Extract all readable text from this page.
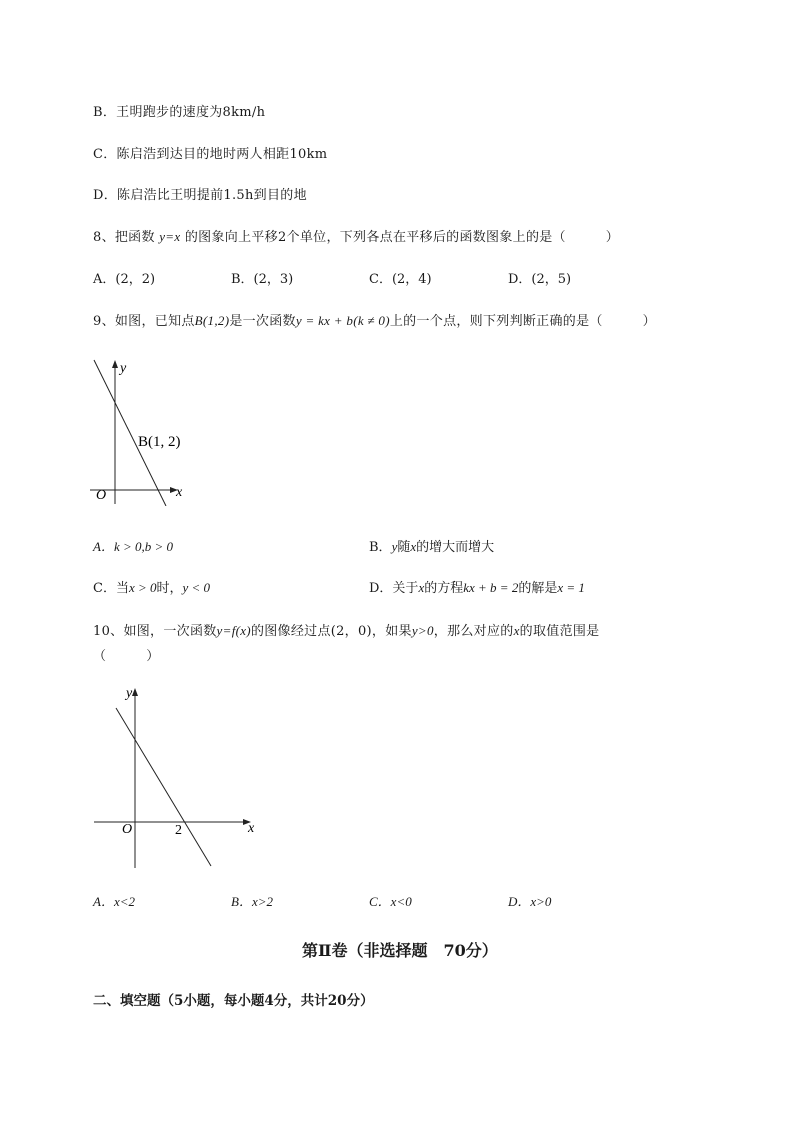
B．王明跑步的速度为8km/h
C．陈启浩到达目的地时两人相距10km
D．陈启浩比王明提前1.5h到目的地
8、把函数 y=x 的图象向上平移2个单位，下列各点在平移后的函数图象上的是（　　　）
A．(2，2)	B．(2，3)	C．(2，4)	D．(2，5)
9、如图，已知点B(1,2)是一次函数y = kx + b(k ≠ 0)上的一个点，则下列判断正确的是（　　　）
y
x
O
B(1, 2)
A．k > 0,b > 0	B．y随x的增大而增大
C．当x > 0时，y < 0	D．关于x的方程kx + b = 2的解是x = 1
10、如图，一次函数y=f(x)的图像经过点(2，0)，如果y>0，那么对应的x的取值范围是
（　　　）
y
x
O	2
A．x<2	B．x>2	C．x<0	D．x>0
第Ⅱ卷（非选择题　70分）
二、填空题（5小题，每小题4分，共计20分）
